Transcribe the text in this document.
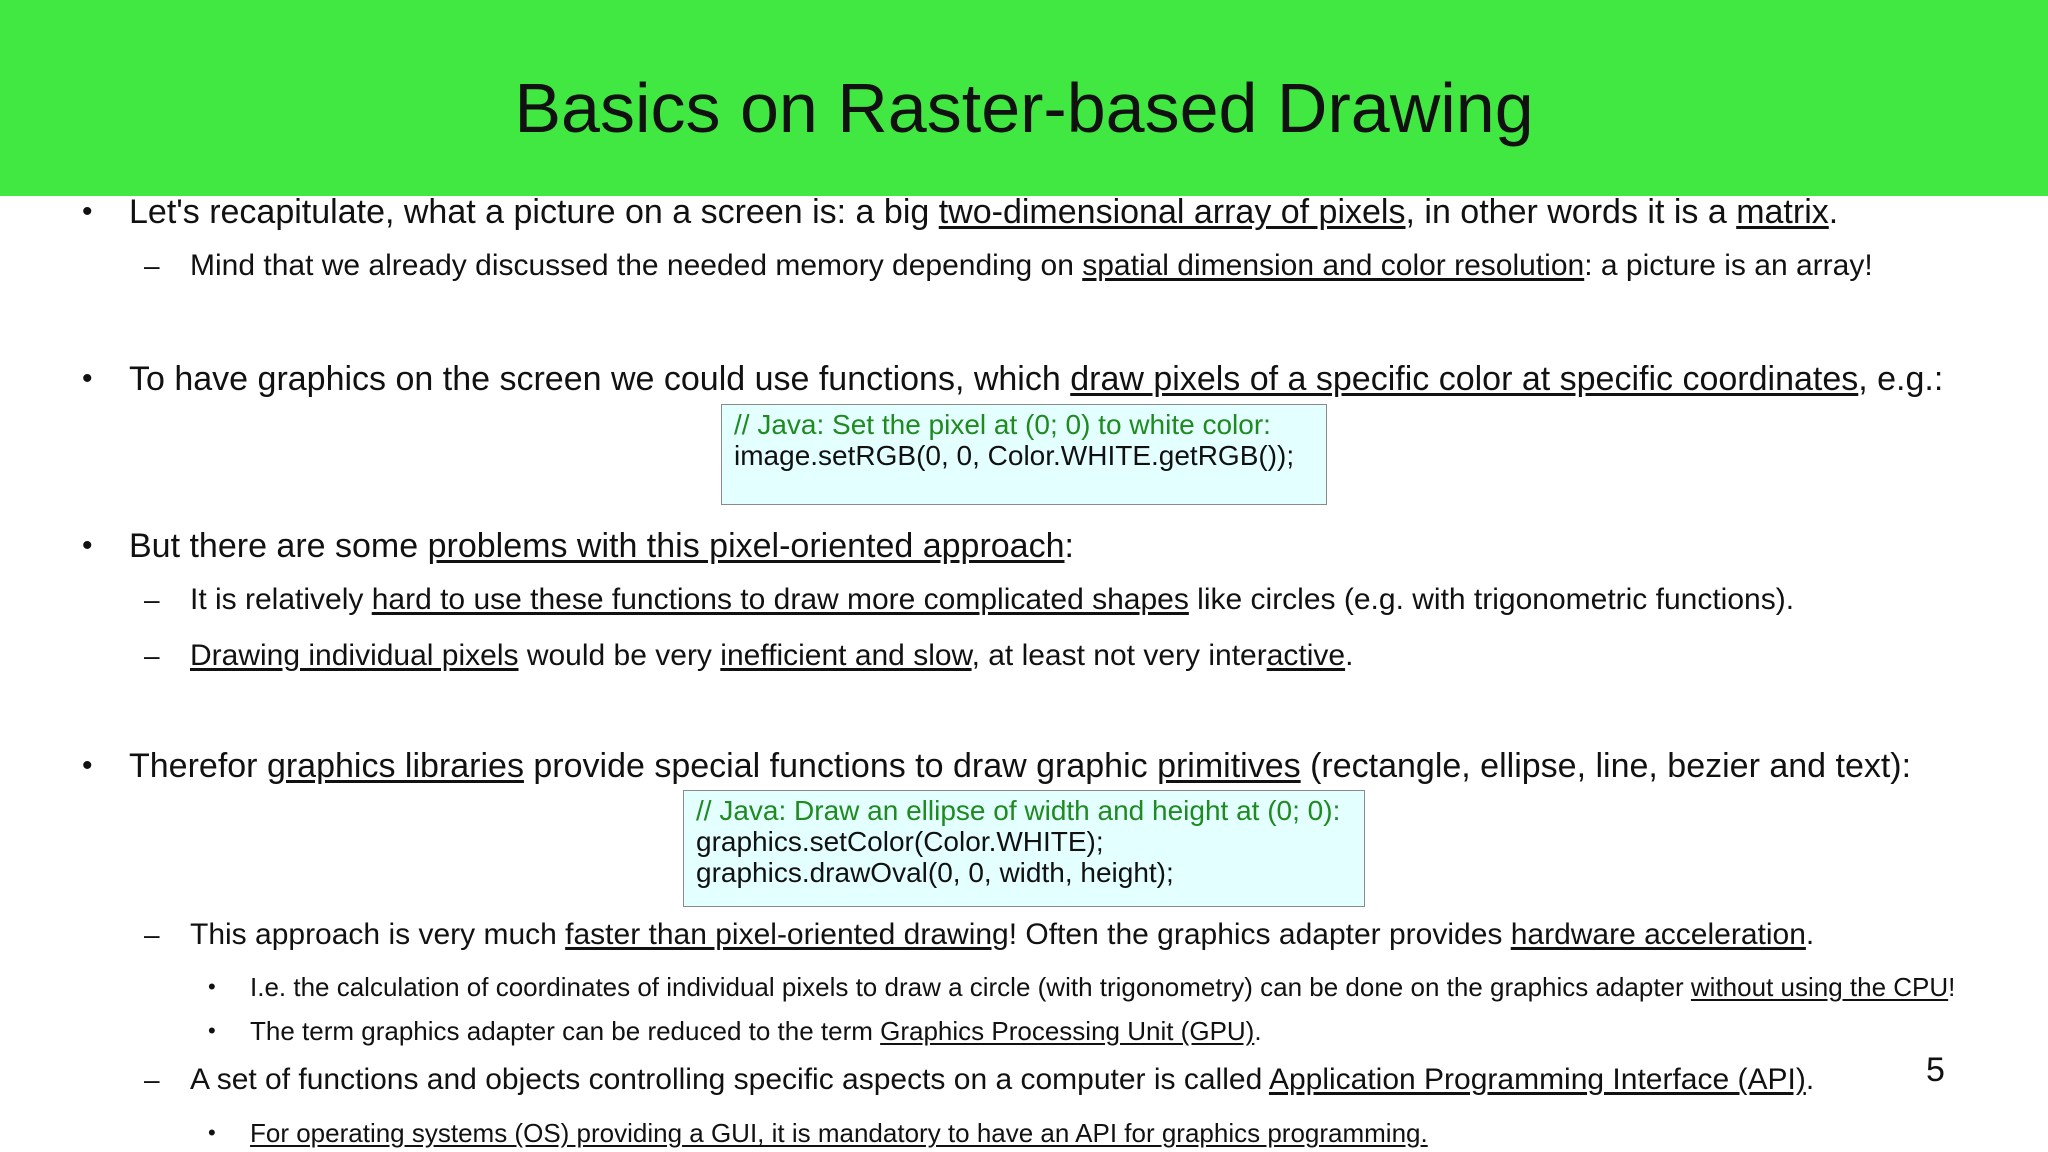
Basics on Raster-based Drawing
• Let's recapitulate, what a picture on a screen is: a big two-dimensional array of pixels, in other words it is a matrix.
– Mind that we already discussed the needed memory depending on spatial dimension and color resolution: a picture is an array!
• To have graphics on the screen we could use functions, which draw pixels of a specific color at specific coordinates, e.g.:
// Java: Set the pixel at (0; 0) to white color:
image.setRGB(0, 0, Color.WHITE.getRGB());
• But there are some problems with this pixel-oriented approach:
– It is relatively hard to use these functions to draw more complicated shapes like circles (e.g. with trigonometric functions).
– Drawing individual pixels would be very inefficient and slow, at least not very interactive.
• Therefor graphics libraries provide special functions to draw graphic primitives (rectangle, ellipse, line, bezier and text):
// Java: Draw an ellipse of width and height at (0; 0):
graphics.setColor(Color.WHITE);
graphics.drawOval(0, 0, width, height);
– This approach is very much faster than pixel-oriented drawing! Often the graphics adapter provides hardware acceleration.
• I.e. the calculation of coordinates of individual pixels to draw a circle (with trigonometry) can be done on the graphics adapter without using the CPU!
• The term graphics adapter can be reduced to the term Graphics Processing Unit (GPU).
– A set of functions and objects controlling specific aspects on a computer is called Application Programming Interface (API).	5
• For operating systems (OS) providing a GUI, it is mandatory to have an API for graphics programming.
